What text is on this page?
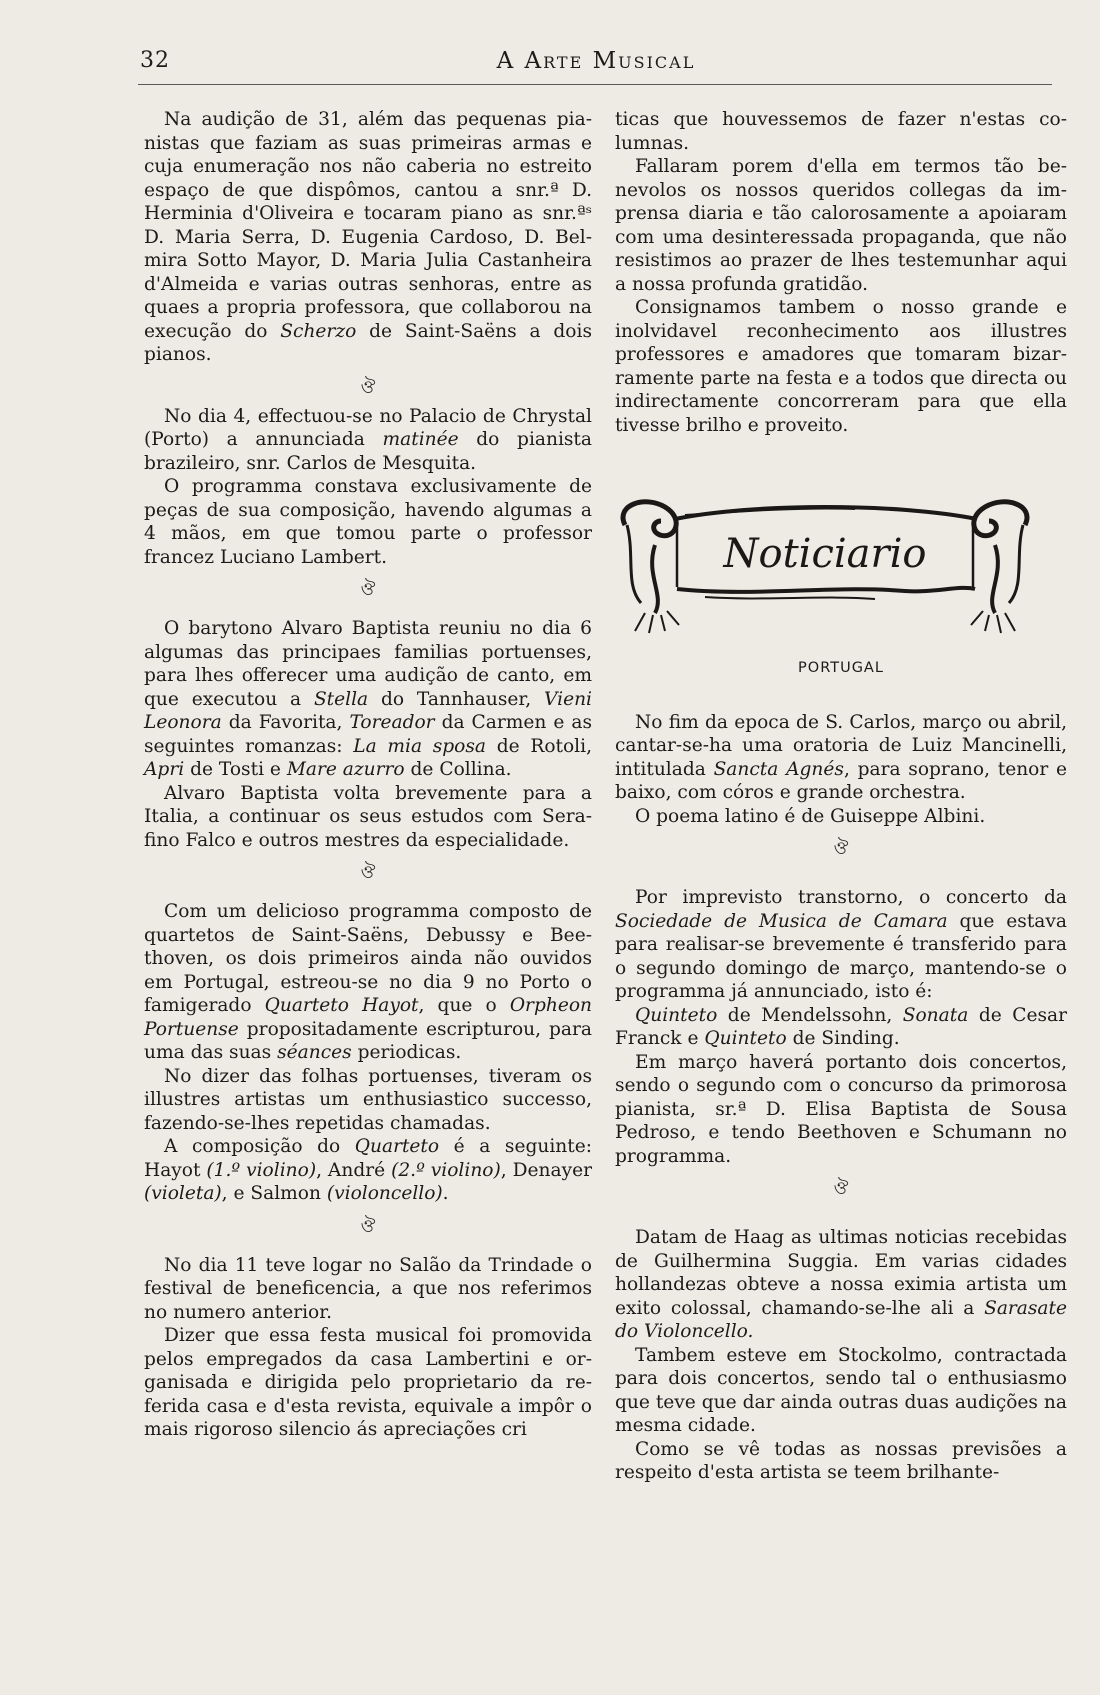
32	A Arte Musical

Na audição de 31, além das pequenas pianistas que faziam as suas primeiras armas e cuja enumeração nos não caberia no estreito espaço de que dispômos, cantou a snr.ª D. Herminia d'Oliveira e tocaram piano as snr.ªˢ D. Maria Serra, D. Eugenia Cardoso, D. Belmira Sotto Mayor, D. Maria Julia Castanheira d'Almeida e varias outras senhoras, entre as quaes a propria professora, que collaborou na execução do Scherzo de Saint-Saëns a dois pianos.

ঔ

No dia 4, effectuou-se no Palacio de Chrystal (Porto) a annunciada matinée do pianista brazileiro, snr. Carlos de Mesquita.

O programma constava exclusivamente de peças de sua composição, havendo algumas a 4 mãos, em que tomou parte o professor francez Luciano Lambert.

ঔ

O barytono Alvaro Baptista reuniu no dia 6 algumas das principaes familias portuenses, para lhes offerecer uma audição de canto, em que executou a Stella do Tannhauser, Vieni Leonora da Favorita, Toreador da Carmen e as seguintes romanzas: La mia sposa de Rotoli, Apri de Tosti e Mare azurro de Collina.

Alvaro Baptista volta brevemente para a Italia, a continuar os seus estudos com Serafino Falco e outros mestres da especialidade.

ঔ

Com um delicioso programma composto de quartetos de Saint-Saëns, Debussy e Beethoven, os dois primeiros ainda não ouvidos em Portugal, estreou-se no dia 9 no Porto o famigerado Quarteto Hayot, que o Orpheon Portuense propositadamente escripturou, para uma das suas séances periodicas.

No dizer das folhas portuenses, tiveram os illustres artistas um enthusiastico successo, fazendo-se-lhes repetidas chamadas.

A composição do Quarteto é a seguinte: Hayot (1.º violino), André (2.º violino), Denayer (violeta), e Salmon (violoncello).

ঔ

No dia 11 teve logar no Salão da Trindade o festival de beneficencia, a que nos referimos no numero anterior.

Dizer que essa festa musical foi promovida pelos empregados da casa Lambertini e organisada e dirigida pelo proprietario da referida casa e d'esta revista, equivale a impôr o mais rigoroso silencio ás apreciações cri

ticas que houvessemos de fazer n'estas columnas.

Fallaram porem d'ella em termos tão benevolos os nossos queridos collegas da imprensa diaria e tão calorosamente a apoiaram com uma desinteressada propaganda, que não resistimos ao prazer de lhes testemunhar aqui a nossa profunda gratidão.

Consignamos tambem o nosso grande e inolvidavel reconhecimento aos illustres professores e amadores que tomaram bizarramente parte na festa e a todos que directa ou indirectamente concorreram para que ella tivesse brilho e proveito.

Noticiario
PORTUGAL

No fim da epoca de S. Carlos, março ou abril, cantar-se-ha uma oratoria de Luiz Mancinelli, intitulada Sancta Agnés, para soprano, tenor e baixo, com córos e grande orchestra.

O poema latino é de Guiseppe Albini.

ঔ

Por imprevisto transtorno, o concerto da Sociedade de Musica de Camara que estava para realisar-se brevemente é transferido para o segundo domingo de março, mantendo-se o programma já annunciado, isto é:

Quinteto de Mendelssohn, Sonata de Cesar Franck e Quinteto de Sinding.

Em março haverá portanto dois concertos, sendo o segundo com o concurso da primorosa pianista, sr.ª D. Elisa Baptista de Sousa Pedroso, e tendo Beethoven e Schumann no programma.

ঔ

Datam de Haag as ultimas noticias recebidas de Guilhermina Suggia. Em varias cidades hollandezas obteve a nossa eximia artista um exito colossal, chamando-se-lhe ali a Sarasate do Violoncello.

Tambem esteve em Stockolmo, contractada para dois concertos, sendo tal o enthusiasmo que teve que dar ainda outras duas audições na mesma cidade.

Como se vê todas as nossas previsões a respeito d'esta artista se teem brilhante-
